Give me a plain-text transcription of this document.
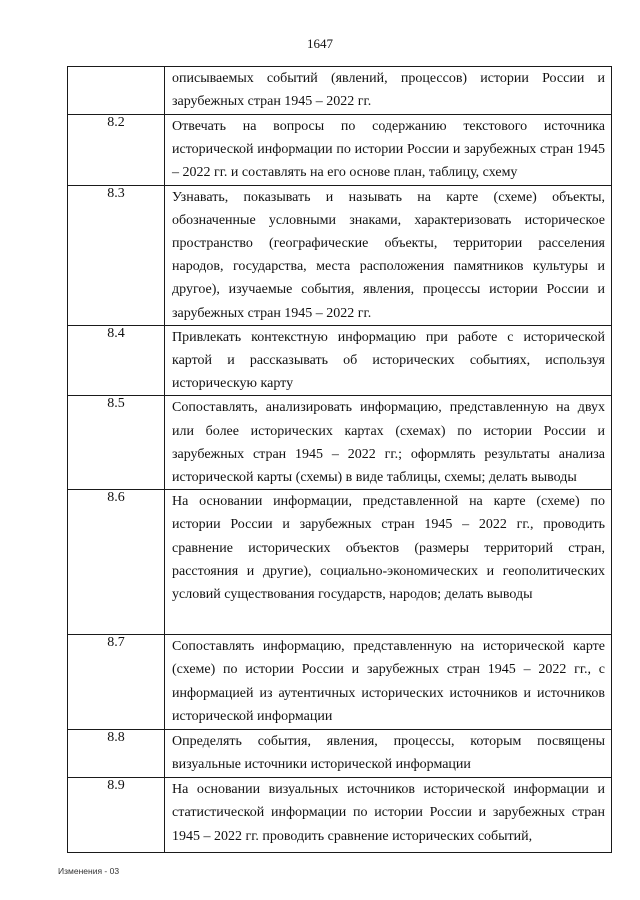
1647
	описываемых событий (явлений, процессов) истории России и зарубежных стран 1945 – 2022 гг.

8.2	Отвечать на вопросы по содержанию текстового источника исторической информации по истории России и зарубежных стран 1945 – 2022 гг. и составлять на его основе план, таблицу, схему

8.3	Узнавать, показывать и называть на карте (схеме) объекты, обозначенные условными знаками, характеризовать историческое пространство (географические объекты, территории расселения народов, государства, места расположения памятников культуры и другое), изучаемые события, явления, процессы истории России и зарубежных стран 1945 – 2022 гг.

8.4	Привлекать контекстную информацию при работе с исторической картой и рассказывать об исторических событиях, используя историческую карту

8.5	Сопоставлять, анализировать информацию, представленную на двух или более исторических картах (схемах) по истории России и зарубежных стран 1945 – 2022 гг.; оформлять результаты анализа исторической карты (схемы) в виде таблицы, схемы; делать выводы

8.6	На основании информации, представленной на карте (схеме) по истории России и зарубежных стран 1945 – 2022 гг., проводить сравнение исторических объектов (размеры территорий стран, расстояния и другие), социально-экономических и геополитических условий существования государств, народов; делать выводы

8.7	Сопоставлять информацию, представленную на исторической карте (схеме) по истории России и зарубежных стран 1945 – 2022 гг., с информацией из аутентичных исторических источников и источников исторической информации

8.8	Определять события, явления, процессы, которым посвящены визуальные источники исторической информации

8.9	На основании визуальных источников исторической информации и статистической информации по истории России и зарубежных стран 1945 – 2022 гг. проводить сравнение исторических событий,
Изменения - 03
